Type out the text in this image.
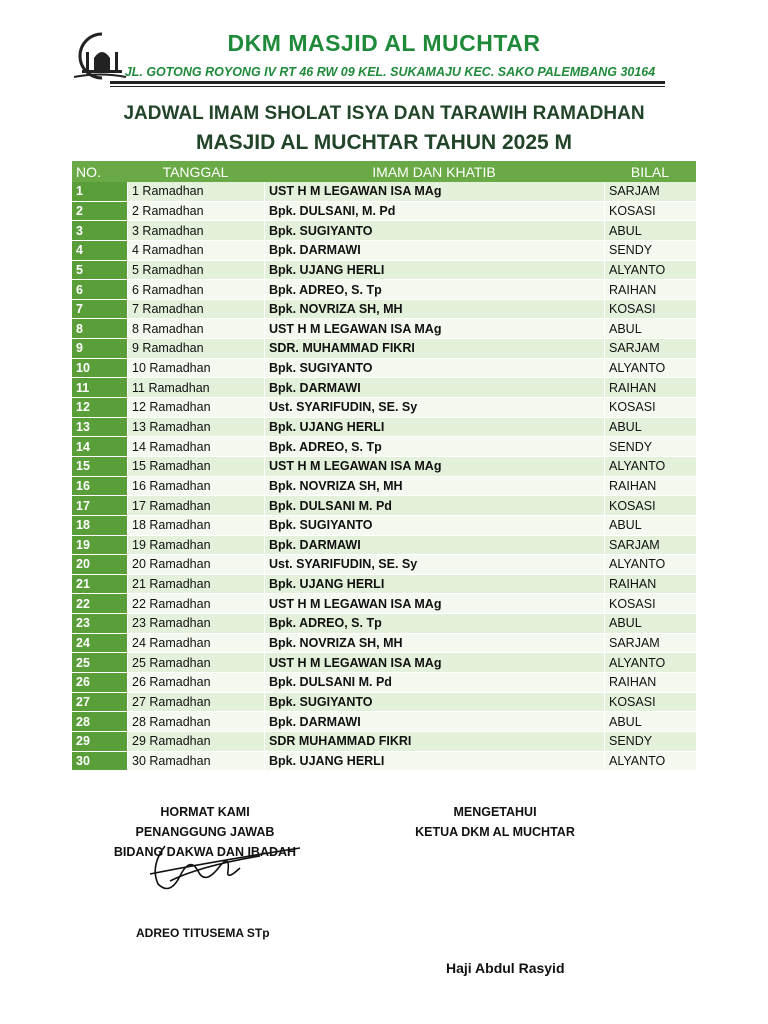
DKM MASJID AL MUCHTAR
JL. GOTONG ROYONG IV RT 46 RW 09 KEL. SUKAMAJU KEC. SAKO PALEMBANG 30164
JADWAL IMAM SHOLAT ISYA DAN TARAWIH RAMADHAN
MASJID AL MUCHTAR TAHUN 2025 M
NO.	TANGGAL	IMAM DAN KHATIB	BILAL
1	1 Ramadhan	UST H M LEGAWAN ISA MAg	SARJAM
2	2 Ramadhan	Bpk. DULSANI, M. Pd	KOSASI
3	3 Ramadhan	Bpk. SUGIYANTO	ABUL
4	4 Ramadhan	Bpk. DARMAWI	SENDY
5	5 Ramadhan	Bpk. UJANG HERLI	ALYANTO
6	6 Ramadhan	Bpk. ADREO, S. Tp	RAIHAN
7	7 Ramadhan	Bpk. NOVRIZA SH, MH	KOSASI
8	8 Ramadhan	UST H M LEGAWAN ISA MAg	ABUL
9	9 Ramadhan	SDR. MUHAMMAD FIKRI	SARJAM
10	10 Ramadhan	Bpk. SUGIYANTO	ALYANTO
11	11 Ramadhan	Bpk. DARMAWI	RAIHAN
12	12 Ramadhan	Ust. SYARIFUDIN, SE. Sy	KOSASI
13	13 Ramadhan	Bpk. UJANG HERLI	ABUL
14	14 Ramadhan	Bpk. ADREO, S. Tp	SENDY
15	15 Ramadhan	UST H M LEGAWAN ISA MAg	ALYANTO
16	16 Ramadhan	Bpk. NOVRIZA SH, MH	RAIHAN
17	17 Ramadhan	Bpk. DULSANI M. Pd	KOSASI
18	18 Ramadhan	Bpk. SUGIYANTO	ABUL
19	19 Ramadhan	Bpk. DARMAWI	SARJAM
20	20 Ramadhan	Ust. SYARIFUDIN, SE. Sy	ALYANTO
21	21 Ramadhan	Bpk. UJANG HERLI	RAIHAN
22	22 Ramadhan	UST H M LEGAWAN ISA MAg	KOSASI
23	23 Ramadhan	Bpk. ADREO, S. Tp	ABUL
24	24 Ramadhan	Bpk. NOVRIZA SH, MH	SARJAM
25	25 Ramadhan	UST H M LEGAWAN ISA MAg	ALYANTO
26	26 Ramadhan	Bpk. DULSANI M. Pd	RAIHAN
27	27 Ramadhan	Bpk. SUGIYANTO	KOSASI
28	28 Ramadhan	Bpk. DARMAWI	ABUL
29	29 Ramadhan	SDR MUHAMMAD FIKRI	SENDY
30	30 Ramadhan	Bpk. UJANG HERLI	ALYANTO
HORMAT KAMI
PENANGGUNG JAWAB
BIDANG DAKWA DAN IBADAH
ADREO TITUSEMA STp
MENGETAHUI
KETUA DKM AL MUCHTAR
Haji Abdul Rasyid
